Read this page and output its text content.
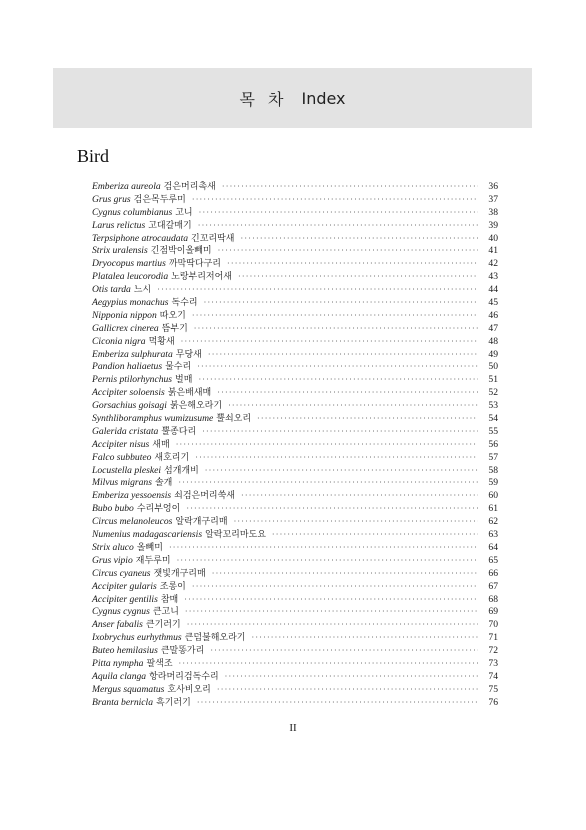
목 차 Index
Bird
Emberiza aureola 검은머리촉새 ·····	36
Grus grus 검은목두루미 ·····	37
Cygnus columbianus 고니 ·····	38
Larus relictus 고대갈매기 ·····	39
Terpsiphone atrocaudata 긴꼬리딱새 ·····	40
Strix uralensis 긴점박이올빼미 ·····	41
Dryocopus martius 까막딱다구리 ·····	42
Platalea leucorodia 노랑부리저어새 ·····	43
Otis tarda 느시 ·····	44
Aegypius monachus 독수리 ·····	45
Nipponia nippon 따오기 ·····	46
Gallicrex cinerea 뜸부기 ·····	47
Ciconia nigra 먹황새 ·····	48
Emberiza sulphurata 무당새 ·····	49
Pandion haliaetus 물수리 ·····	50
Pernis ptilorhynchus 벌매 ·····	51
Accipiter soloensis 붉은배새매 ·····	52
Gorsachius goisagi 붉은해오라기 ·····	53
Synthliboramphus wumizusume 뿔쇠오리 ·····	54
Galerida cristata 뿔종다리 ·····	55
Accipiter nisus 새매 ·····	56
Falco subbuteo 새호리기 ·····	57
Locustella pleskei 섬개개비 ·····	58
Milvus migrans 솔개 ·····	59
Emberiza yessoensis 쇠검은머리쑥새 ·····	60
Bubo bubo 수리부엉이 ·····	61
Circus melanoleucos 알락개구리매 ·····	62
Numenius madagascariensis 알락꼬리마도요 ·····	63
Strix aluco 올빼미 ·····	64
Grus vipio 재두루미 ·····	65
Circus cyaneus 잿빛개구리매 ·····	66
Accipiter gularis 조롱이 ·····	67
Accipiter gentilis 참매 ·····	68
Cygnus cygnus 큰고니 ·····	69
Anser fabalis 큰기러기 ·····	70
Ixobrychus eurhythmus 큰덤불해오라기 ·····	71
Buteo hemilasius 큰말똥가리 ·····	72
Pitta nympha 팔색조 ·····	73
Aquila clanga 항라머리검독수리 ·····	74
Mergus squamatus 호사비오리 ·····	75
Branta bernicla 흑기러기 ·····	76
II
